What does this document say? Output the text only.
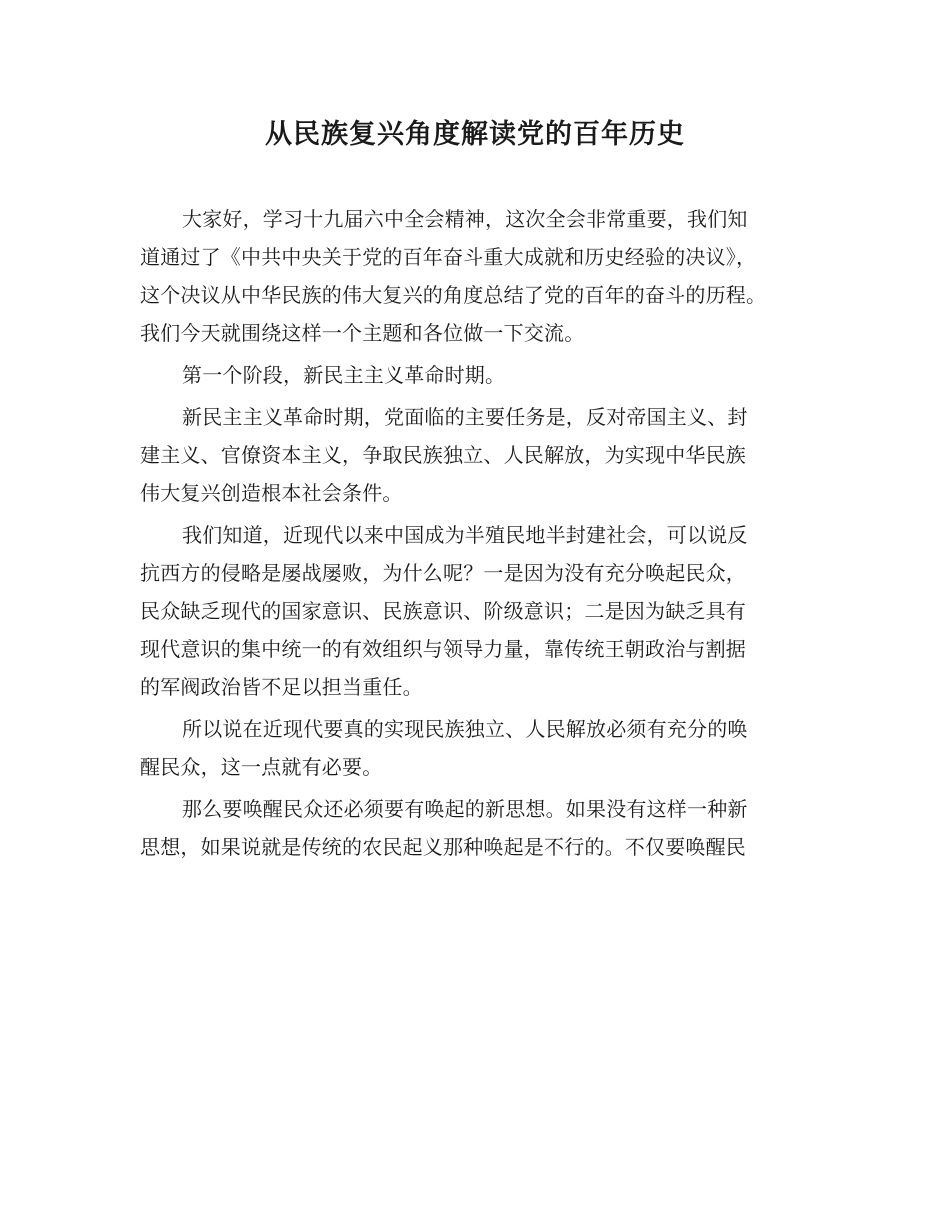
从民族复兴角度解读党的百年历史
大家好，学习十九届六中全会精神，这次全会非常重要，我们知
道通过了《中共中央关于党的百年奋斗重大成就和历史经验的决议》，
这个决议从中华民族的伟大复兴的角度总结了党的百年的奋斗的历程。
我们今天就围绕这样一个主题和各位做一下交流。
第一个阶段，新民主主义革命时期。
新民主主义革命时期，党面临的主要任务是，反对帝国主义、封
建主义、官僚资本主义，争取民族独立、人民解放，为实现中华民族
伟大复兴创造根本社会条件。
我们知道，近现代以来中国成为半殖民地半封建社会，可以说反
抗西方的侵略是屡战屡败，为什么呢？一是因为没有充分唤起民众，
民众缺乏现代的国家意识、民族意识、阶级意识；二是因为缺乏具有
现代意识的集中统一的有效组织与领导力量，靠传统王朝政治与割据
的军阀政治皆不足以担当重任。
所以说在近现代要真的实现民族独立、人民解放必须有充分的唤
醒民众，这一点就有必要。
那么要唤醒民众还必须要有唤起的新思想。如果没有这样一种新
思想，如果说就是传统的农民起义那种唤起是不行的。不仅要唤醒民
